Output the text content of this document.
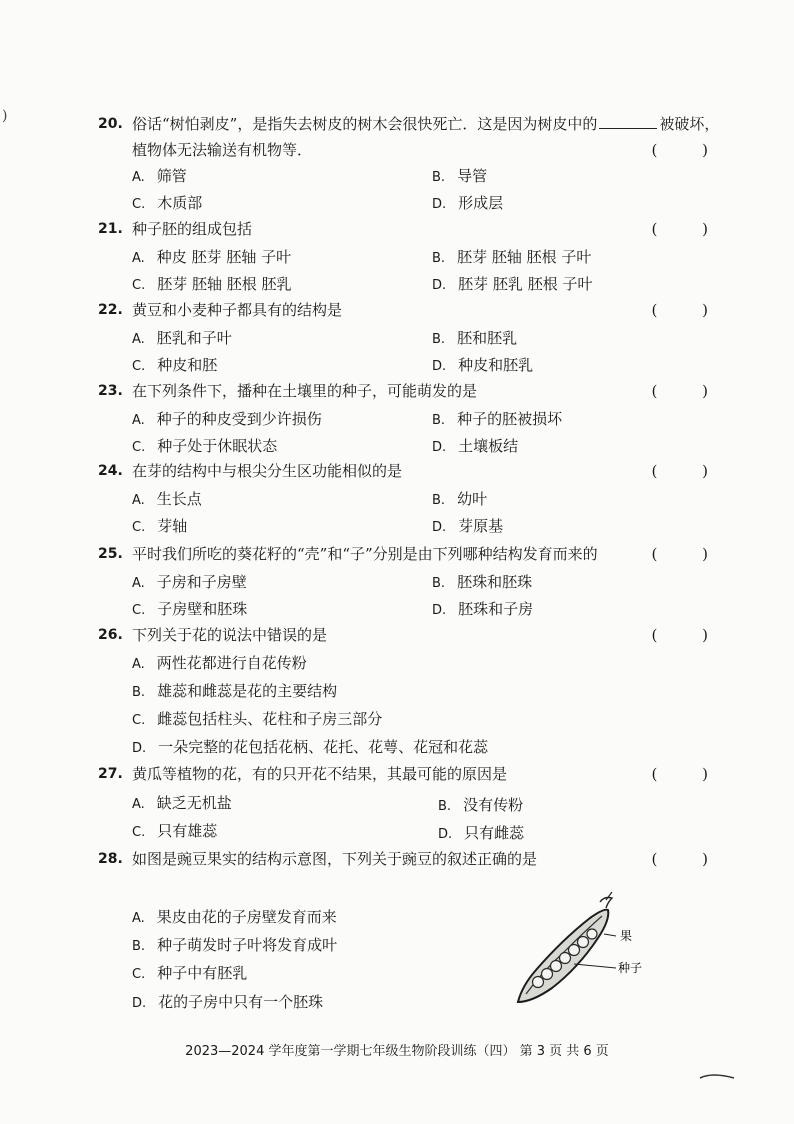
)	20. 俗话“树怕剥皮”，是指失去树皮的树木会很快死亡．这是因为树皮中的	被破坏，
植物体无法输送有机物等．	( )
A. 筛管	B. 导管
C. 木质部	D. 形成层
21. 种子胚的组成包括	( )
A. 种皮 胚芽 胚轴 子叶	B. 胚芽 胚轴 胚根 子叶
C. 胚芽 胚轴 胚根 胚乳	D. 胚芽 胚乳 胚根 子叶
22. 黄豆和小麦种子都具有的结构是	( )
A. 胚乳和子叶	B. 胚和胚乳
C. 种皮和胚	D. 种皮和胚乳
23. 在下列条件下，播种在土壤里的种子，可能萌发的是	( )
A. 种子的种皮受到少许损伤	B. 种子的胚被损坏
C. 种子处于休眠状态	D. 土壤板结
24. 在芽的结构中与根尖分生区功能相似的是	( )
A. 生长点	B. 幼叶
C. 芽轴	D. 芽原基
25. 平时我们所吃的葵花籽的“壳”和“子”分别是由下列哪种结构发育而来的	( )
A. 子房和子房壁	B. 胚珠和胚珠
C. 子房壁和胚珠	D. 胚珠和子房
26. 下列关于花的说法中错误的是	( )
A. 两性花都进行自花传粉
B. 雄蕊和雌蕊是花的主要结构
C. 雌蕊包括柱头、花柱和子房三部分
D. 一朵完整的花包括花柄、花托、花萼、花冠和花蕊
27. 黄瓜等植物的花，有的只开花不结果，其最可能的原因是	( )
A. 缺乏无机盐	B. 没有传粉
C. 只有雄蕊	D. 只有雌蕊
28. 如图是豌豆果实的结构示意图，下列关于豌豆的叙述正确的是	( )
A. 果皮由花的子房壁发育而来
B. 种子萌发时子叶将发育成叶
C. 种子中有胚乳
D. 花的子房中只有一个胚珠
果
种子
2023—2024 学年度第一学期七年级生物阶段训练（四） 第 3 页 共 6 页
